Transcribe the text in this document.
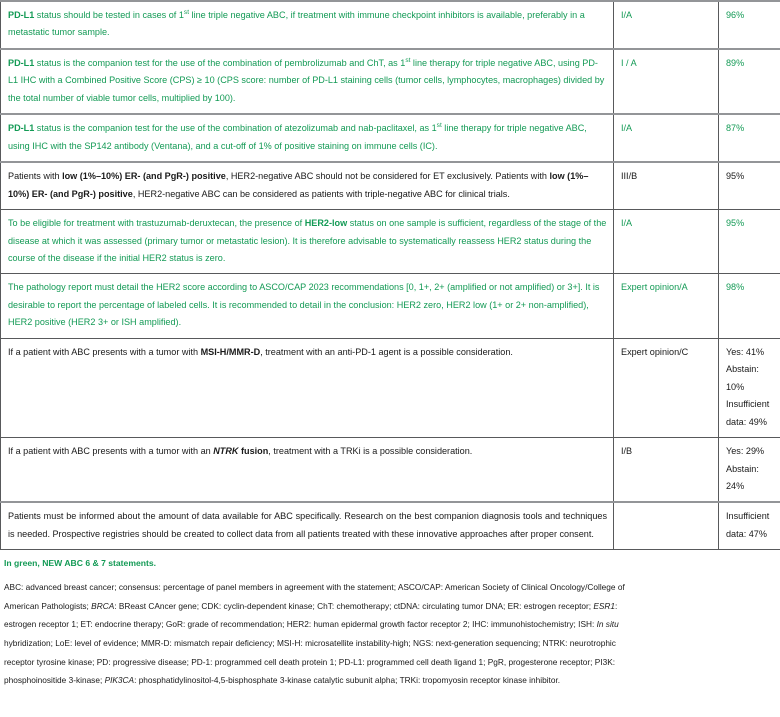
PD-L1 status should be tested in cases of 1st line triple negative ABC, if treatment with immune checkpoint inhibitors is available, preferably in a metastatic tumor sample.	I/A	96%
PD-L1 status is the companion test for the use of the combination of pembrolizumab and ChT, as 1st line therapy for triple negative ABC, using PD-L1 IHC with a Combined Positive Score (CPS) ≥ 10 (CPS score: number of PD-L1 staining cells (tumor cells, lymphocytes, macrophages) divided by the total number of viable tumor cells, multiplied by 100).	I / A	89%
PD-L1 status is the companion test for the use of the combination of atezolizumab and nab-paclitaxel, as 1st line therapy for triple negative ABC, using IHC with the SP142 antibody (Ventana), and a cut-off of 1% of positive staining on immune cells (IC).	I/A	87%
Patients with low (1%–10%) ER- (and PgR-) positive, HER2-negative ABC should not be considered for ET exclusively. Patients with low (1%–10%) ER- (and PgR-) positive, HER2-negative ABC can be considered as patients with triple-negative ABC for clinical trials.	III/B	95%
To be eligible for treatment with trastuzumab-deruxtecan, the presence of HER2-low status on one sample is sufficient, regardless of the stage of the disease at which it was assessed (primary tumor or metastatic lesion). It is therefore advisable to systematically reassess HER2 status during the course of the disease if the initial HER2 status is zero.	I/A	95%
The pathology report must detail the HER2 score according to ASCO/CAP 2023 recommendations [0, 1+, 2+ (amplified or not amplified) or 3+]. It is desirable to report the percentage of labeled cells. It is recommended to detail in the conclusion: HER2 zero, HER2 low (1+ or 2+ non-amplified), HER2 positive (HER2 3+ or ISH amplified).	Expert opinion/A	98%
If a patient with ABC presents with a tumor with MSI-H/MMR-D, treatment with an anti-PD-1 agent is a possible consideration.	Expert opinion/C	Yes: 41% Abstain: 10% Insufficient data: 49%
If a patient with ABC presents with a tumor with an NTRK fusion, treatment with a TRKi is a possible consideration.	I/B	Yes: 29% Abstain: 24%
Patients must be informed about the amount of data available for ABC specifically. Research on the best companion diagnosis tools and techniques is needed. Prospective registries should be created to collect data from all patients treated with these innovative approaches after proper consent.		Insufficient data: 47%
In green, NEW ABC 6 & 7 statements.
ABC: advanced breast cancer; consensus: percentage of panel members in agreement with the statement; ASCO/CAP: American Society of Clinical Oncology/College of
American Pathologists; BRCA: BReast CAncer gene; CDK: cyclin-dependent kinase; ChT: chemotherapy; ctDNA: circulating tumor DNA; ER: estrogen receptor; ESR1:
estrogen receptor 1; ET: endocrine therapy; GoR: grade of recommendation; HER2: human epidermal growth factor receptor 2; IHC: immunohistochemistry; ISH: In situ
hybridization; LoE: level of evidence; MMR-D: mismatch repair deficiency; MSI-H: microsatellite instability-high; NGS: next-generation sequencing; NTRK: neurotrophic
receptor tyrosine kinase; PD: progressive disease; PD-1: programmed cell death protein 1; PD-L1: programmed cell death ligand 1; PgR, progesterone receptor; PI3K:
phosphoinositide 3-kinase; PIK3CA: phosphatidylinositol-4,5-bisphosphate 3-kinase catalytic subunit alpha; TRKi: tropomyosin receptor kinase inhibitor.
